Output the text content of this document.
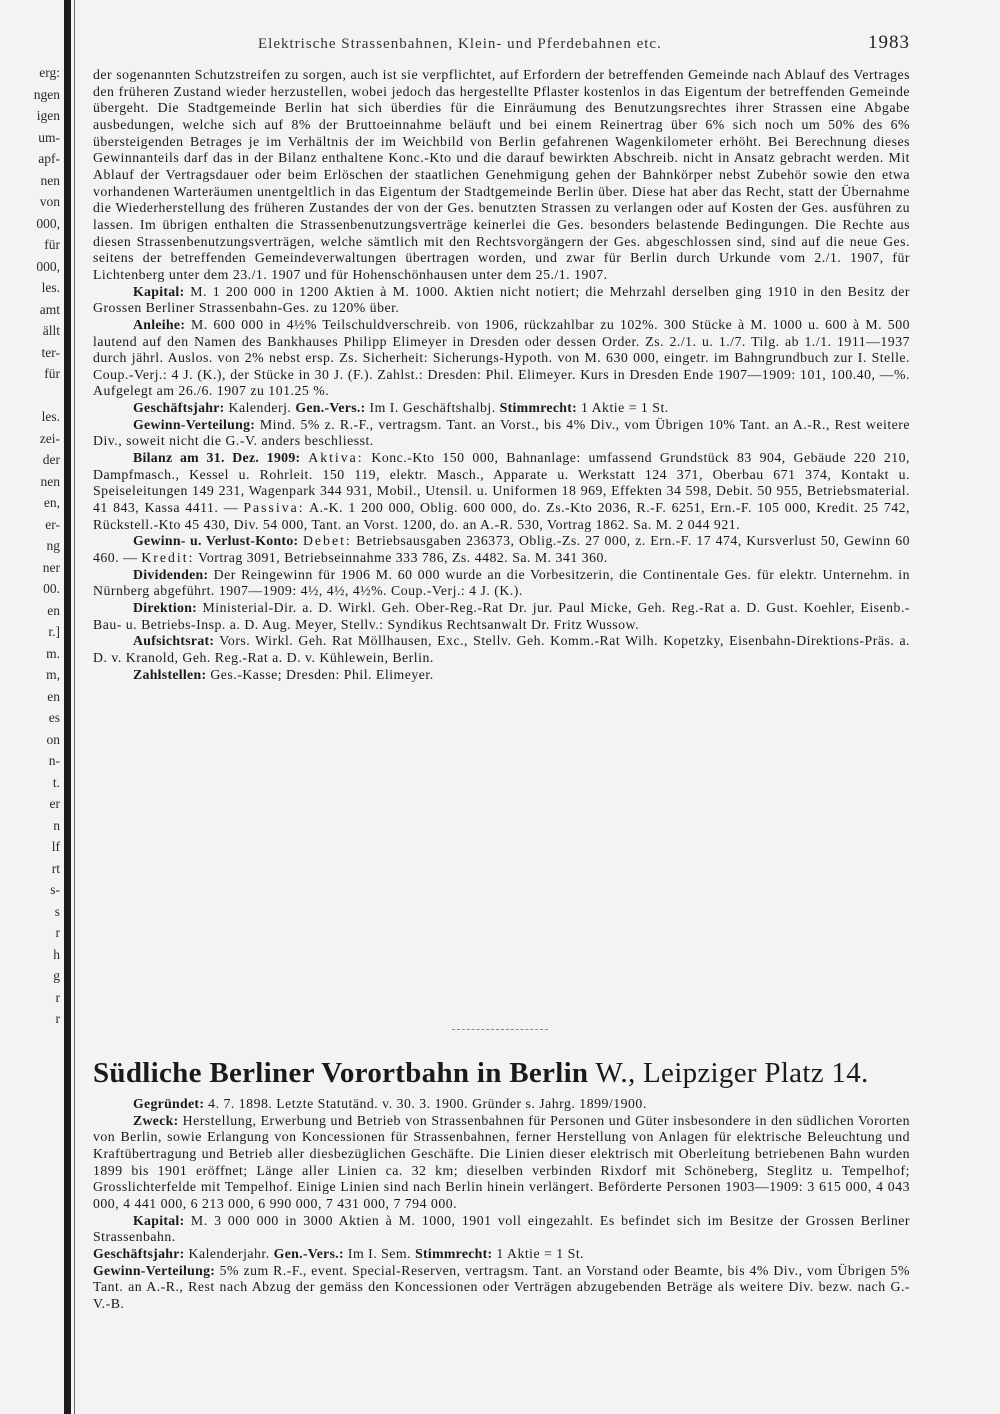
erg:
ngen
igen
um-
apf-
nen
von
000,
für
000,
les.
amt
ällt
ter-
für
les.
zei-
der
nen
en,
er-
ng
ner
00.
en
r.]
m.
m,
en
es
on
n-
t.
er
n
lf
rt
s-
s
r
h
g
r
r
Elektrische Strassenbahnen, Klein- und Pferdebahnen etc.	1983

der sogenannten Schutzstreifen zu sorgen, auch ist sie verpflichtet, auf Erfordern der betreffenden Gemeinde nach Ablauf des Vertrages den früheren Zustand wieder herzustellen, wobei jedoch das hergestellte Pflaster kostenlos in das Eigentum der betreffenden Gemeinde übergeht. Die Stadtgemeinde Berlin hat sich überdies für die Einräumung des Benutzungsrechtes ihrer Strassen eine Abgabe ausbedungen, welche sich auf 8% der Bruttoeinnahme beläuft und bei einem Reinertrag über 6% sich noch um 50% des 6% übersteigenden Betrages je im Verhältnis der im Weichbild von Berlin gefahrenen Wagenkilometer erhöht. Bei Berechnung dieses Gewinnanteils darf das in der Bilanz enthaltene Konc.-Kto und die darauf bewirkten Abschreib. nicht in Ansatz gebracht werden. Mit Ablauf der Vertragsdauer oder beim Erlöschen der staatlichen Genehmigung gehen der Bahnkörper nebst Zubehör sowie den etwa vorhandenen Warteräumen unentgeltlich in das Eigentum der Stadtgemeinde Berlin über. Diese hat aber das Recht, statt der Übernahme die Wiederherstellung des früheren Zustandes der von der Ges. benutzten Strassen zu verlangen oder auf Kosten der Ges. ausführen zu lassen. Im übrigen enthalten die Strassenbenutzungsverträge keinerlei die Ges. besonders belastende Bedingungen. Die Rechte aus diesen Strassenbenutzungsverträgen, welche sämtlich mit den Rechtsvorgängern der Ges. abgeschlossen sind, sind auf die neue Ges. seitens der betreffenden Gemeindeverwaltungen übertragen worden, und zwar für Berlin durch Urkunde vom 2./1. 1907, für Lichtenberg unter dem 23./1. 1907 und für Hohenschönhausen unter dem 25./1. 1907.

Kapital: M. 1 200 000 in 1200 Aktien à M. 1000. Aktien nicht notiert; die Mehrzahl derselben ging 1910 in den Besitz der Grossen Berliner Strassenbahn-Ges. zu 120% über.

Anleihe: M. 600 000 in 4½% Teilschuldverschreib. von 1906, rückzahlbar zu 102%. 300 Stücke à M. 1000 u. 600 à M. 500 lautend auf den Namen des Bankhauses Philipp Elimeyer in Dresden oder dessen Order. Zs. 2./1. u. 1./7. Tilg. ab 1./1. 1911—1937 durch jährl. Auslos. von 2% nebst ersp. Zs. Sicherheit: Sicherungs-Hypoth. von M. 630 000, eingetr. im Bahngrundbuch zur I. Stelle. Coup.-Verj.: 4 J. (K.), der Stücke in 30 J. (F.). Zahlst.: Dresden: Phil. Elimeyer. Kurs in Dresden Ende 1907—1909: 101, 100.40, —%. Aufgelegt am 26./6. 1907 zu 101.25 %.

Geschäftsjahr: Kalenderj. Gen.-Vers.: Im I. Geschäftshalbj. Stimmrecht: 1 Aktie = 1 St.

Gewinn-Verteilung: Mind. 5% z. R.-F., vertragsm. Tant. an Vorst., bis 4% Div., vom Übrigen 10% Tant. an A.-R., Rest weitere Div., soweit nicht die G.-V. anders beschliesst.

Bilanz am 31. Dez. 1909: Aktiva: Konc.-Kto 150 000, Bahnanlage: umfassend Grundstück 83 904, Gebäude 220 210, Dampfmasch., Kessel u. Rohrleit. 150 119, elektr. Masch., Apparate u. Werkstatt 124 371, Oberbau 671 374, Kontakt u. Speiseleitungen 149 231, Wagenpark 344 931, Mobil., Utensil. u. Uniformen 18 969, Effekten 34 598, Debit. 50 955, Betriebsmaterial. 41 843, Kassa 4411. — Passiva: A.-K. 1 200 000, Oblig. 600 000, do. Zs.-Kto 2036, R.-F. 6251, Ern.-F. 105 000, Kredit. 25 742, Rückstell.-Kto 45 430, Div. 54 000, Tant. an Vorst. 1200, do. an A.-R. 530, Vortrag 1862. Sa. M. 2 044 921.

Gewinn- u. Verlust-Konto: Debet: Betriebsausgaben 236373, Oblig.-Zs. 27 000, z. Ern.-F. 17 474, Kursverlust 50, Gewinn 60 460. — Kredit: Vortrag 3091, Betriebseinnahme 333 786, Zs. 4482. Sa. M. 341 360.

Dividenden: Der Reingewinn für 1906 M. 60 000 wurde an die Vorbesitzerin, die Continentale Ges. für elektr. Unternehm. in Nürnberg abgeführt. 1907—1909: 4½, 4½, 4½%. Coup.-Verj.: 4 J. (K.).

Direktion: Ministerial-Dir. a. D. Wirkl. Geh. Ober-Reg.-Rat Dr. jur. Paul Micke, Geh. Reg.-Rat a. D. Gust. Koehler, Eisenb.-Bau- u. Betriebs-Insp. a. D. Aug. Meyer, Stellv.: Syndikus Rechtsanwalt Dr. Fritz Wussow.

Aufsichtsrat: Vors. Wirkl. Geh. Rat Möllhausen, Exc., Stellv. Geh. Komm.-Rat Wilh. Kopetzky, Eisenbahn-Direktions-Präs. a. D. v. Kranold, Geh. Reg.-Rat a. D. v. Kühlewein, Berlin.

Zahlstellen: Ges.-Kasse; Dresden: Phil. Elimeyer.

Südliche Berliner Vorortbahn in Berlin W., Leipziger Platz 14.

Gegründet: 4. 7. 1898. Letzte Statutänd. v. 30. 3. 1900. Gründer s. Jahrg. 1899/1900.

Zweck: Herstellung, Erwerbung und Betrieb von Strassenbahnen für Personen und Güter insbesondere in den südlichen Vororten von Berlin, sowie Erlangung von Koncessionen für Strassenbahnen, ferner Herstellung von Anlagen für elektrische Beleuchtung und Kraftübertragung und Betrieb aller diesbezüglichen Geschäfte. Die Linien dieser elektrisch mit Oberleitung betriebenen Bahn wurden 1899 bis 1901 eröffnet; Länge aller Linien ca. 32 km; dieselben verbinden Rixdorf mit Schöneberg, Steglitz u. Tempelhof; Grosslichterfelde mit Tempelhof. Einige Linien sind nach Berlin hinein verlängert. Beförderte Personen 1903—1909: 3 615 000, 4 043 000, 4 441 000, 6 213 000, 6 990 000, 7 431 000, 7 794 000.

Kapital: M. 3 000 000 in 3000 Aktien à M. 1000, 1901 voll eingezahlt. Es befindet sich im Besitze der Grossen Berliner Strassenbahn.

Geschäftsjahr: Kalenderjahr. Gen.-Vers.: Im I. Sem. Stimmrecht: 1 Aktie = 1 St.

Gewinn-Verteilung: 5% zum R.-F., event. Special-Reserven, vertragsm. Tant. an Vorstand oder Beamte, bis 4% Div., vom Übrigen 5% Tant. an A.-R., Rest nach Abzug der gemäss den Koncessionen oder Verträgen abzugebenden Beträge als weitere Div. bezw. nach G.-V.-B.
